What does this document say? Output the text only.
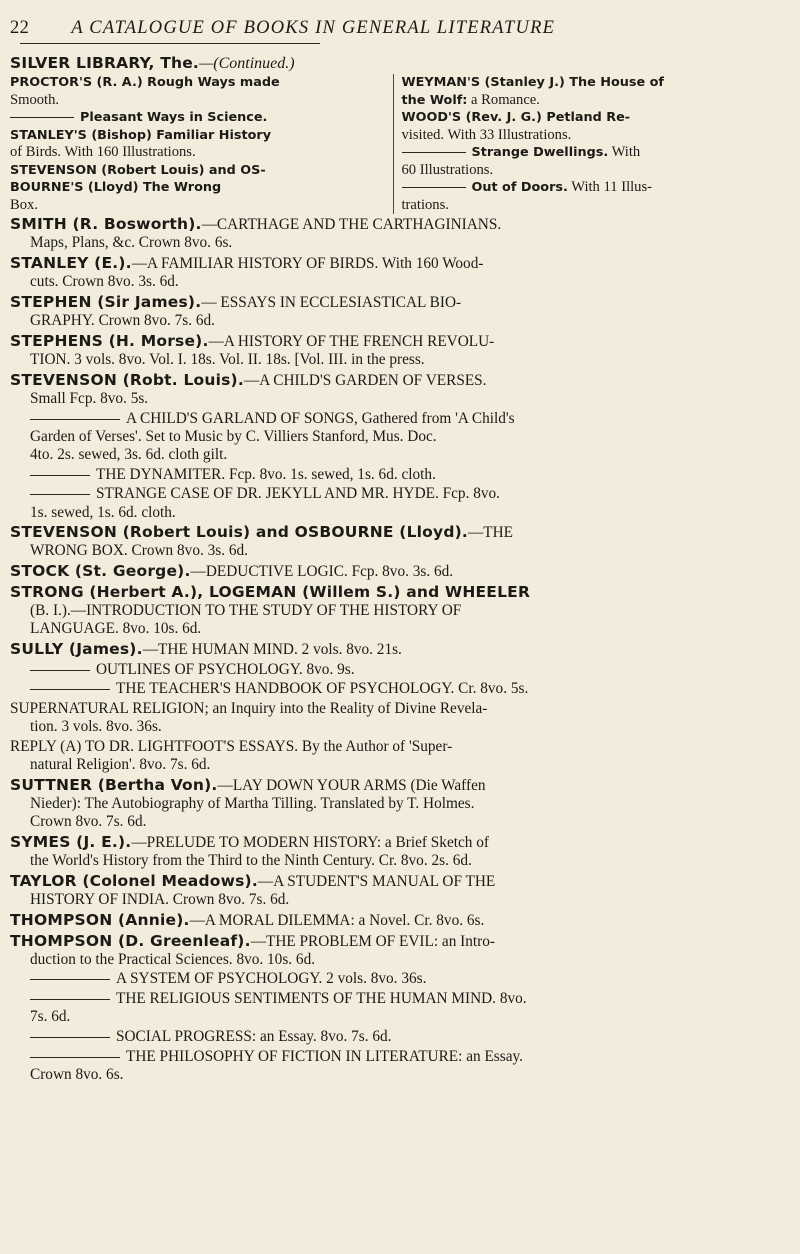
22 A CATALOGUE OF BOOKS IN GENERAL LITERATURE
SILVER LIBRARY, The.—(Continued.)
PROCTOR'S (R. A.) Rough Ways made
Smooth.
Pleasant Ways in Science.
STANLEY'S (Bishop) Familiar History
of Birds. With 160 Illustrations.
STEVENSON (Robert Louis) and OS-
BOURNE'S (Lloyd) The Wrong
Box.
WEYMAN'S (Stanley J.) The House of
the Wolf: a Romance.
WOOD'S (Rev. J. G.) Petland Re-
visited. With 33 Illustrations.
Strange Dwellings. With
60 Illustrations.
Out of Doors. With 11 Illus-
trations.
SMITH (R. Bosworth).—CARTHAGE AND THE CARTHAGINIANS.
Maps, Plans, &c. Crown 8vo. 6s.
STANLEY (E.).—A FAMILIAR HISTORY OF BIRDS. With 160 Wood-
cuts. Crown 8vo. 3s. 6d.
STEPHEN (Sir James).— ESSAYS IN ECCLESIASTICAL BIO-
GRAPHY. Crown 8vo. 7s. 6d.
STEPHENS (H. Morse).—A HISTORY OF THE FRENCH REVOLU-
TION. 3 vols. 8vo. Vol. I. 18s. Vol. II. 18s. [Vol. III. in the press.
STEVENSON (Robt. Louis).—A CHILD'S GARDEN OF VERSES.
Small Fcp. 8vo. 5s.
A CHILD'S GARLAND OF SONGS, Gathered from 'A Child's
Garden of Verses'. Set to Music by C. Villiers Stanford, Mus. Doc.
4to. 2s. sewed, 3s. 6d. cloth gilt.
THE DYNAMITER. Fcp. 8vo. 1s. sewed, 1s. 6d. cloth.
STRANGE CASE OF DR. JEKYLL AND MR. HYDE. Fcp. 8vo.
1s. sewed, 1s. 6d. cloth.
STEVENSON (Robert Louis) and OSBOURNE (Lloyd).—THE
WRONG BOX. Crown 8vo. 3s. 6d.
STOCK (St. George).—DEDUCTIVE LOGIC. Fcp. 8vo. 3s. 6d.
STRONG (Herbert A.), LOGEMAN (Willem S.) and WHEELER
(B. I.).—INTRODUCTION TO THE STUDY OF THE HISTORY OF
LANGUAGE. 8vo. 10s. 6d.
SULLY (James).—THE HUMAN MIND. 2 vols. 8vo. 21s.
OUTLINES OF PSYCHOLOGY. 8vo. 9s.
THE TEACHER'S HANDBOOK OF PSYCHOLOGY. Cr. 8vo. 5s.
SUPERNATURAL RELIGION; an Inquiry into the Reality of Divine Revela-
tion. 3 vols. 8vo. 36s.
REPLY (A) TO DR. LIGHTFOOT'S ESSAYS. By the Author of 'Super-
natural Religion'. 8vo. 7s. 6d.
SUTTNER (Bertha Von).—LAY DOWN YOUR ARMS (Die Waffen
Nieder): The Autobiography of Martha Tilling. Translated by T. Holmes.
Crown 8vo. 7s. 6d.
SYMES (J. E.).—PRELUDE TO MODERN HISTORY: a Brief Sketch of
the World's History from the Third to the Ninth Century. Cr. 8vo. 2s. 6d.
TAYLOR (Colonel Meadows).—A STUDENT'S MANUAL OF THE
HISTORY OF INDIA. Crown 8vo. 7s. 6d.
THOMPSON (Annie).—A MORAL DILEMMA: a Novel. Cr. 8vo. 6s.
THOMPSON (D. Greenleaf).—THE PROBLEM OF EVIL: an Intro-
duction to the Practical Sciences. 8vo. 10s. 6d.
A SYSTEM OF PSYCHOLOGY. 2 vols. 8vo. 36s.
THE RELIGIOUS SENTIMENTS OF THE HUMAN MIND. 8vo.
7s. 6d.
SOCIAL PROGRESS: an Essay. 8vo. 7s. 6d.
THE PHILOSOPHY OF FICTION IN LITERATURE: an Essay.
Crown 8vo. 6s.
